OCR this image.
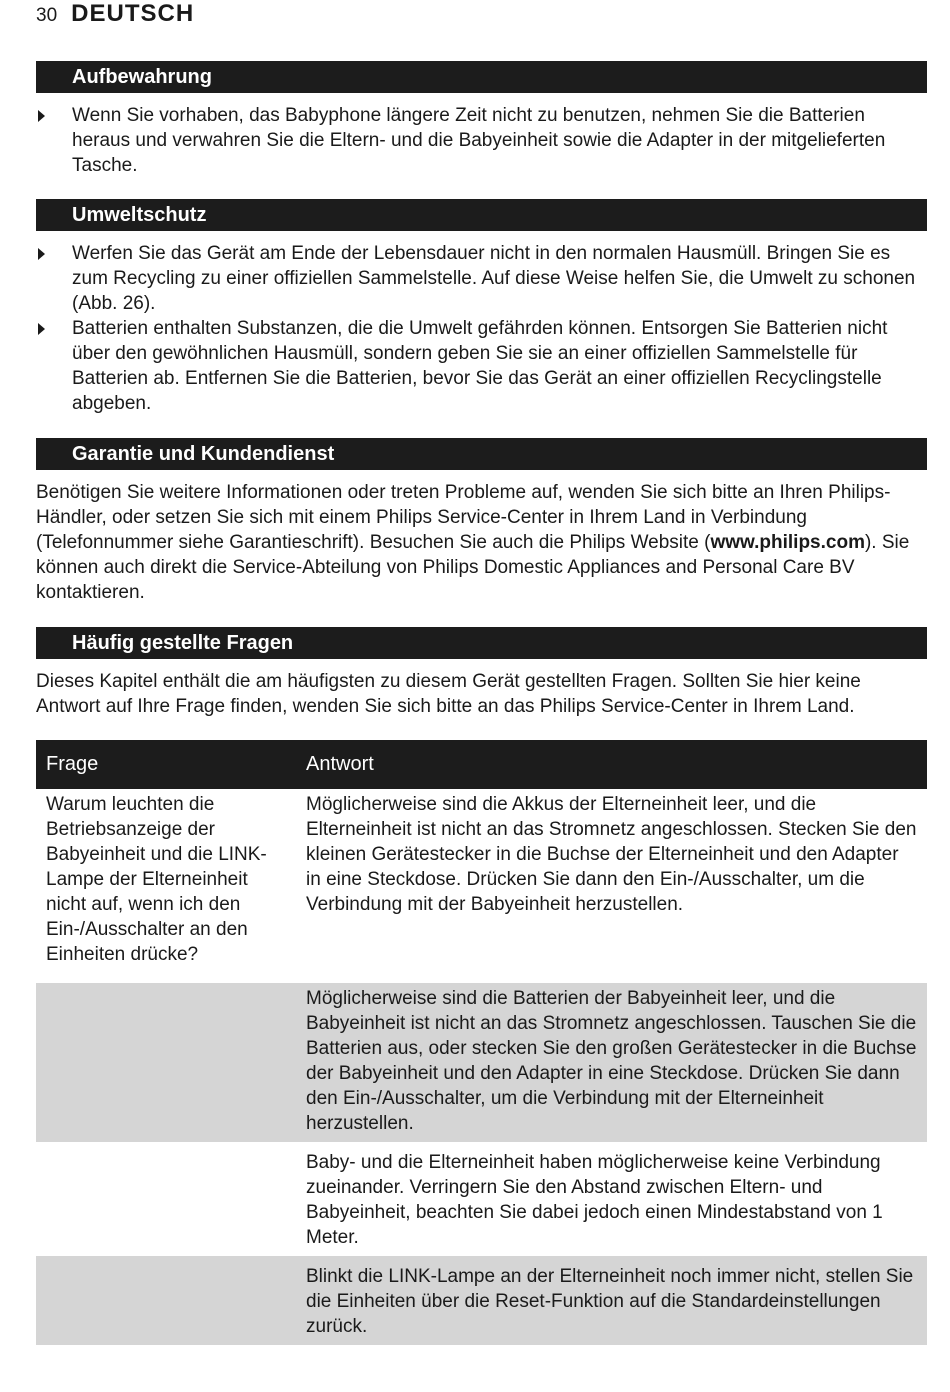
30 DEUTSCH
Aufbewahrung
Wenn Sie vorhaben, das Babyphone längere Zeit nicht zu benutzen, nehmen Sie die Batterien heraus und verwahren Sie die Eltern- und die Babyeinheit sowie die Adapter in der mitgelieferten Tasche.
Umweltschutz
Werfen Sie das Gerät am Ende der Lebensdauer nicht in den normalen Hausmüll. Bringen Sie es zum Recycling zu einer offiziellen Sammelstelle. Auf diese Weise helfen Sie, die Umwelt zu schonen (Abb. 26).
Batterien enthalten Substanzen, die die Umwelt gefährden können. Entsorgen Sie Batterien nicht über den gewöhnlichen Hausmüll, sondern geben Sie sie an einer offiziellen Sammelstelle für Batterien ab. Entfernen Sie die Batterien, bevor Sie das Gerät an einer offiziellen Recyclingstelle abgeben.
Garantie und Kundendienst

Benötigen Sie weitere Informationen oder treten Probleme auf, wenden Sie sich bitte an Ihren Philips-Händler, oder setzen Sie sich mit einem Philips Service-Center in Ihrem Land in Verbindung (Telefonnummer siehe Garantieschrift). Besuchen Sie auch die Philips Website (www.philips.com). Sie können auch direkt die Service-Abteilung von Philips Domestic Appliances and Personal Care BV kontaktieren.

Häufig gestellte Fragen

Dieses Kapitel enthält die am häufigsten zu diesem Gerät gestellten Fragen. Sollten Sie hier keine Antwort auf Ihre Frage finden, wenden Sie sich bitte an das Philips Service-Center in Ihrem Land.

Frage	Antwort
Warum leuchten die Betriebsanzeige der Babyeinheit und die LINK-Lampe der Elterneinheit nicht auf, wenn ich den Ein-/Ausschalter an den Einheiten drücke?	Möglicherweise sind die Akkus der Elterneinheit leer, und die Elterneinheit ist nicht an das Stromnetz angeschlossen. Stecken Sie den kleinen Gerätestecker in die Buchse der Elterneinheit und den Adapter in eine Steckdose. Drücken Sie dann den Ein-/Ausschalter, um die Verbindung mit der Babyeinheit herzustellen.

	Möglicherweise sind die Batterien der Babyeinheit leer, und die Babyeinheit ist nicht an das Stromnetz angeschlossen. Tauschen Sie die Batterien aus, oder stecken Sie den großen Gerätestecker in die Buchse der Babyeinheit und den Adapter in eine Steckdose. Drücken Sie dann den Ein-/Ausschalter, um die Verbindung mit der Elterneinheit herzustellen.
	Baby- und die Elterneinheit haben möglicherweise keine Verbindung zueinander. Verringern Sie den Abstand zwischen Eltern- und Babyeinheit, beachten Sie dabei jedoch einen Mindestabstand von 1 Meter.
	Blinkt die LINK-Lampe an der Elterneinheit noch immer nicht, stellen Sie die Einheiten über die Reset-Funktion auf die Standardeinstellungen zurück.
